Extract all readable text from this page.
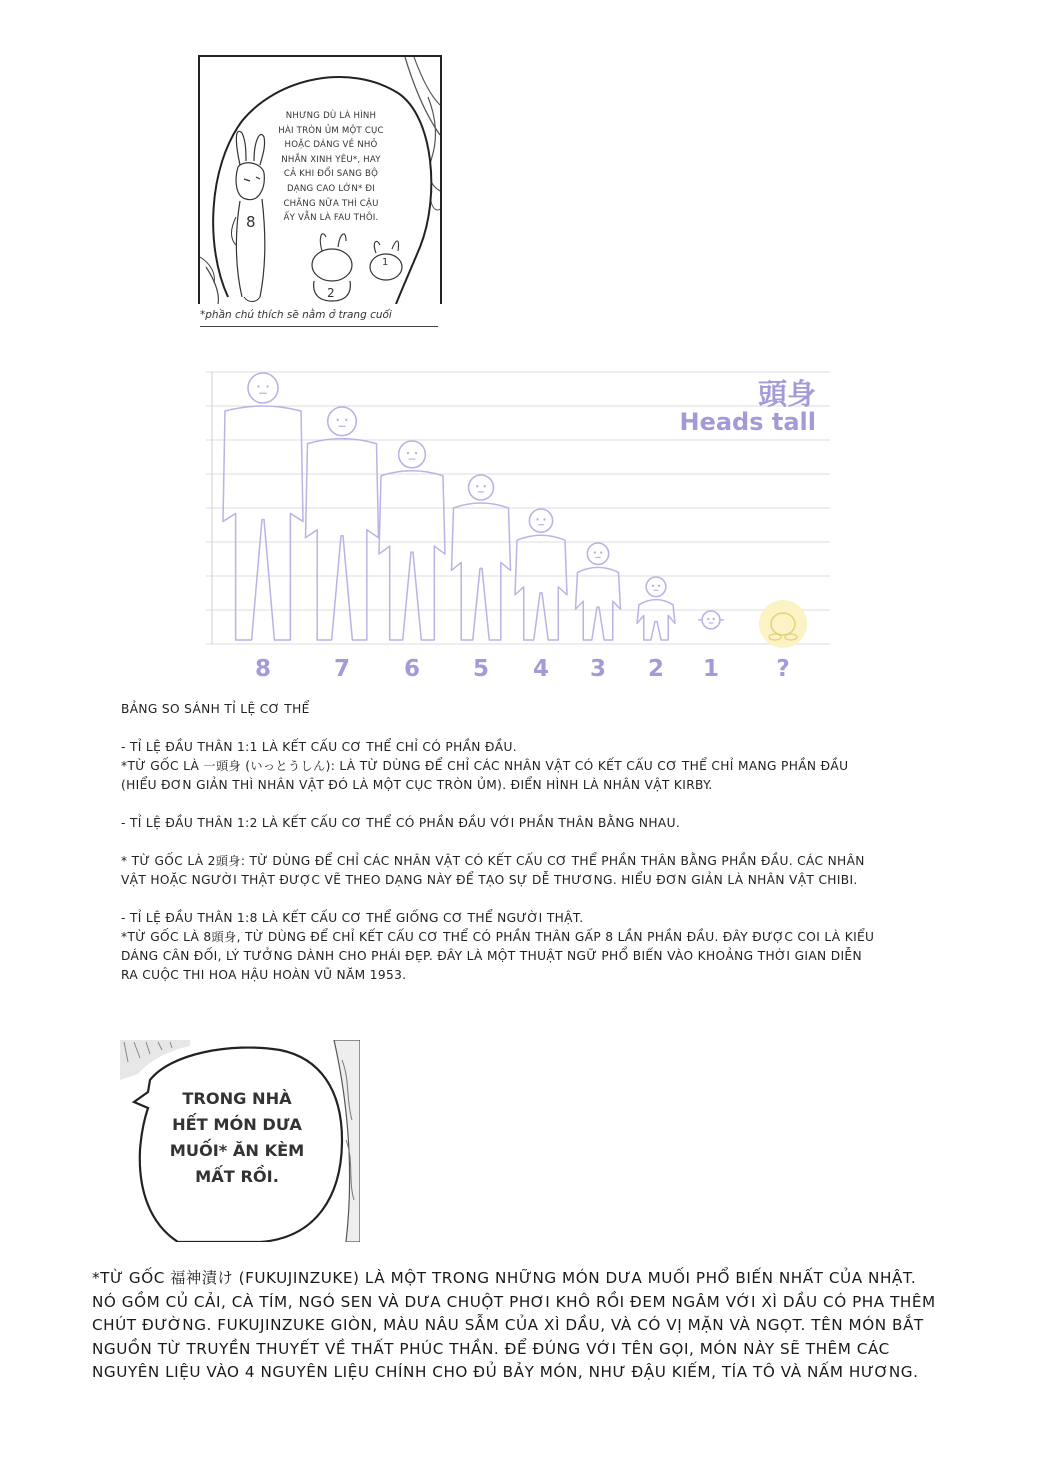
8
2
1
NHƯNG DÙ LÀ HÌNH HÀI TRÒN ỦM MỘT CỤC HOẶC DÁNG VẺ NHỎ NHẮN XINH YÊU*, HAY CẢ KHI ĐỔI SANG BỘ DẠNG CAO LỚN* ĐI CHĂNG NỮA THÌ CẬU ẤY VẪN LÀ FAU THÔI.
*phần chú thích sẽ nằm ở trang cuối
8	7 6 5 4 3 2 1 ?
頭身
Heads tall

BẢNG SO SÁNH TỈ LỆ CƠ THỂ

- TỈ LỆ ĐẦU THÂN 1:1 LÀ KẾT CẤU CƠ THỂ CHỈ CÓ PHẦN ĐẦU.

*TỪ GỐC LÀ 一頭身 (いっとうしん): LÀ TỪ DÙNG ĐỂ CHỈ CÁC NHÂN VẬT CÓ KẾT CẤU CƠ THỂ CHỈ MANG PHẦN ĐẦU (HIỂU ĐƠN GIẢN THÌ NHÂN VẬT ĐÓ LÀ MỘT CỤC TRÒN ỦM). ĐIỂN HÌNH LÀ NHÂN VẬT KIRBY.

- TỈ LỆ ĐẦU THÂN 1:2 LÀ KẾT CẤU CƠ THỂ CÓ PHẦN ĐẦU VỚI PHẦN THÂN BẰNG NHAU.

* TỪ GỐC LÀ 2頭身: TỪ DÙNG ĐỂ CHỈ CÁC NHÂN VẬT CÓ KẾT CẤU CƠ THỂ PHẦN THÂN BẰNG PHẦN ĐẦU. CÁC NHÂN VẬT HOẶC NGƯỜI THẬT ĐƯỢC VẼ THEO DẠNG NÀY ĐỂ TẠO SỰ DỄ THƯƠNG. HIỂU ĐƠN GIẢN LÀ NHÂN VẬT CHIBI.

- TỈ LỆ ĐẦU THÂN 1:8 LÀ KẾT CẤU CƠ THỂ GIỐNG CƠ THỂ NGƯỜI THẬT.

*TỪ GỐC LÀ 8頭身, TỪ DÙNG ĐỂ CHỈ KẾT CẤU CƠ THỂ CÓ PHẦN THÂN GẤP 8 LẦN PHẦN ĐẦU. ĐÂY ĐƯỢC COI LÀ KIỂU DÁNG CÂN ĐỐI, LÝ TƯỞNG DÀNH CHO PHÁI ĐẸP. ĐÂY LÀ MỘT THUẬT NGỮ PHỔ BIẾN VÀO KHOẢNG THỜI GIAN DIỄN RA CUỘC THI HOA HẬU HOÀN VŨ NĂM 1953.

TRONG NHÀ HẾT MÓN DƯA MUỐI* ĂN KÈM MẤT RỒI.
*TỪ GỐC 福神漬け (FUKUJINZUKE) LÀ MỘT TRONG NHỮNG MÓN DƯA MUỐI PHỔ BIẾN NHẤT CỦA NHẬT. NÓ GỒM CỦ CẢI, CÀ TÍM, NGÓ SEN VÀ DƯA CHUỘT PHƠI KHÔ RỒI ĐEM NGÂM VỚI XÌ DẦU CÓ PHA THÊM CHÚT ĐƯỜNG. FUKUJINZUKE GIÒN, MÀU NÂU SẪM CỦA XÌ DẦU, VÀ CÓ VỊ MẶN VÀ NGỌT. TÊN MÓN BẮT NGUỒN TỪ TRUYỀN THUYẾT VỀ THẤT PHÚC THẦN. ĐỂ ĐÚNG VỚI TÊN GỌI, MÓN NÀY SẼ THÊM CÁC NGUYÊN LIỆU VÀO 4 NGUYÊN LIỆU CHÍNH CHO ĐỦ BẢY MÓN, NHƯ ĐẬU KIẾM, TÍA TÔ VÀ NẤM HƯƠNG.
